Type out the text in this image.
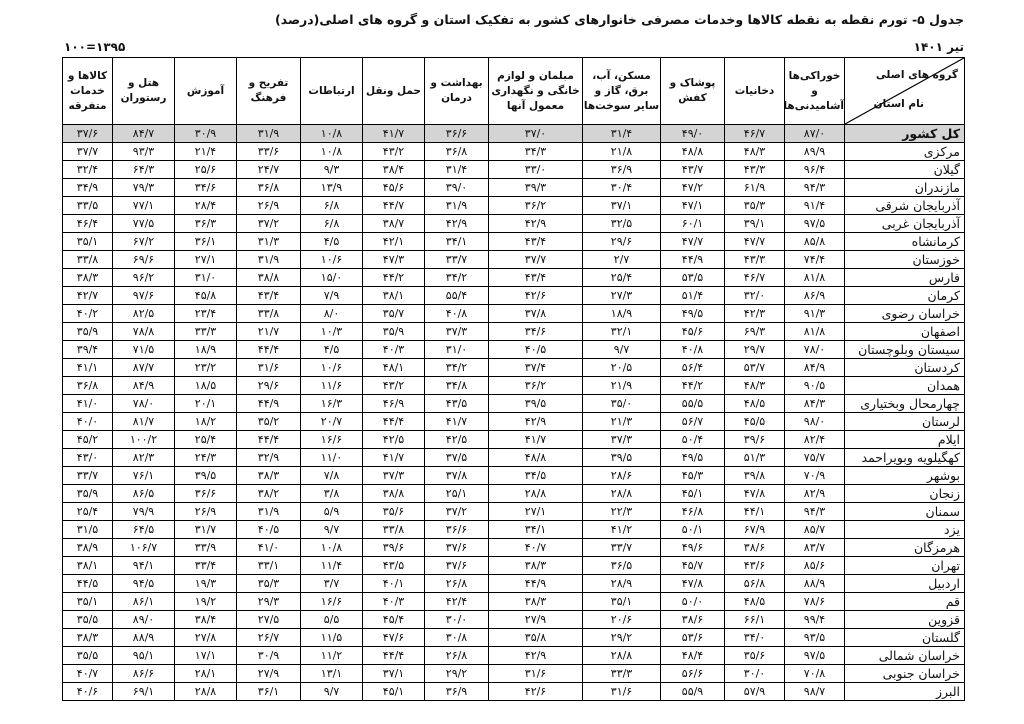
جدول ۵- تورم نقطه به نقطه کالاها وخدمات مصرفی خانوارهای کشور به تفکیک استان و گروه های اصلی(درصد)
۱۰۰=۱۳۹۵	تیر ۱۴۰۱
گروه های اصلی
نام استان	خوراکی‌ها و آشامیدنی‌ها	دخانیات	پوشاک و کفش	مسکن، آب، برق، گاز و سایر سوخت‌ها	مبلمان و لوازم خانگی و نگهداری معمول آنها	بهداشت و درمان	حمل ونقل	ارتباطات	تفریح و فرهنگ	آموزش	هتل و رستوران	کالاها و خدمات متفرقه
کل کشور	۸۷/۰	۴۶/۷	۴۹/۰	۳۱/۴	۳۷/۰	۳۶/۶	۴۱/۷	۱۰/۸	۳۱/۹	۳۰/۹	۸۴/۷	۳۷/۶
مرکزی	۸۹/۹	۴۸/۳	۴۸/۸	۲۱/۸	۳۴/۳	۳۶/۸	۴۳/۲	۱۰/۸	۳۳/۶	۲۱/۴	۹۳/۳	۳۷/۷
گیلان	۹۶/۴	۴۳/۳	۴۳/۷	۳۶/۹	۳۳/۰	۳۱/۴	۳۸/۴	۹/۳	۲۴/۷	۲۵/۶	۶۴/۳	۳۲/۴
مازندران	۹۴/۳	۶۱/۹	۴۷/۲	۳۰/۴	۳۹/۳	۳۹/۰	۴۵/۶	۱۳/۹	۳۶/۸	۳۴/۶	۷۹/۳	۳۴/۹
آذربایجان شرقی	۹۱/۴	۳۵/۳	۴۷/۱	۳۷/۱	۳۶/۲	۳۱/۹	۴۴/۷	۶/۸	۲۶/۹	۲۸/۴	۷۷/۱	۳۳/۵
آذربایجان غربی	۹۷/۵	۳۹/۱	۶۰/۱	۳۲/۵	۴۲/۹	۴۲/۹	۳۸/۷	۶/۸	۳۷/۲	۳۶/۳	۷۷/۵	۴۶/۴
کرمانشاه	۸۵/۸	۴۷/۷	۴۷/۷	۲۹/۶	۴۳/۴	۳۴/۱	۴۲/۱	۴/۵	۳۱/۳	۳۶/۱	۶۷/۲	۳۵/۱
خوزستان	۷۴/۴	۴۳/۳	۴۴/۹	۲/۷	۳۷/۷	۳۳/۷	۴۷/۳	۱۰/۶	۳۱/۹	۲۷/۱	۶۹/۶	۳۳/۸
فارس	۸۱/۸	۴۶/۷	۵۳/۵	۲۵/۴	۴۳/۴	۳۴/۲	۴۴/۲	۱۵/۰	۳۸/۸	۳۱/۰	۹۶/۲	۳۸/۳
کرمان	۸۶/۹	۳۲/۰	۵۱/۴	۲۷/۳	۴۲/۶	۵۵/۴	۳۸/۱	۷/۹	۴۳/۴	۴۵/۸	۹۷/۶	۴۲/۷
خراسان رضوی	۹۱/۳	۴۲/۳	۴۹/۵	۱۸/۹	۳۷/۸	۴۰/۸	۳۵/۷	۸/۰	۳۳/۸	۲۳/۴	۸۲/۵	۴۰/۲
اصفهان	۸۱/۸	۶۹/۳	۴۵/۶	۳۲/۱	۳۴/۶	۳۷/۳	۳۵/۹	۱۰/۳	۲۱/۷	۳۳/۳	۷۸/۸	۳۵/۹
سیستان وبلوچستان	۷۸/۰	۲۹/۷	۴۰/۸	۹/۷	۴۰/۵	۳۱/۰	۴۰/۳	۴/۵	۴۴/۴	۱۸/۹	۷۱/۵	۳۹/۴
کردستان	۸۴/۹	۵۳/۷	۵۶/۴	۲۰/۵	۳۷/۴	۳۴/۲	۴۸/۱	۱۰/۶	۳۱/۶	۲۳/۲	۸۷/۷	۴۱/۱
همدان	۹۰/۵	۴۸/۳	۴۴/۲	۲۱/۹	۳۶/۲	۳۴/۸	۴۳/۲	۱۱/۶	۲۹/۶	۱۸/۵	۸۴/۹	۳۶/۸
چهارمحال وبختیاری	۸۴/۳	۴۸/۵	۵۵/۵	۳۵/۰	۳۹/۵	۴۳/۵	۴۶/۹	۱۶/۳	۴۴/۹	۲۰/۱	۷۸/۰	۴۱/۰
لرستان	۹۸/۰	۴۵/۵	۵۶/۷	۲۱/۳	۴۲/۹	۴۱/۷	۴۴/۴	۲۰/۷	۳۵/۲	۱۸/۲	۸۱/۷	۴۰/۰
ایلام	۸۲/۴	۳۹/۶	۵۰/۴	۳۷/۳	۴۱/۷	۴۲/۵	۴۲/۵	۱۶/۶	۴۴/۴	۲۵/۴	۱۰۰/۲	۴۵/۲
کهگیلویه وبویراحمد	۷۵/۷	۵۱/۳	۴۹/۵	۳۹/۵	۴۸/۸	۳۷/۵	۴۱/۷	۱۱/۰	۳۲/۹	۲۴/۳	۸۲/۳	۴۳/۰
بوشهر	۷۰/۹	۳۹/۸	۴۵/۳	۲۸/۶	۳۴/۵	۳۷/۸	۳۷/۳	۷/۸	۳۸/۳	۳۹/۵	۷۶/۱	۳۳/۷
زنجان	۸۲/۹	۴۷/۸	۴۵/۱	۲۸/۸	۲۸/۸	۲۵/۱	۳۸/۸	۳/۸	۳۸/۲	۳۶/۶	۸۶/۵	۳۵/۹
سمنان	۹۴/۳	۴۴/۱	۴۶/۸	۲۲/۳	۲۷/۱	۳۷/۲	۳۵/۶	۵/۹	۳۱/۹	۲۶/۹	۷۹/۹	۲۵/۴
یزد	۸۵/۷	۶۷/۹	۵۰/۱	۴۱/۲	۳۴/۱	۳۶/۶	۳۳/۸	۹/۷	۴۰/۵	۳۱/۷	۶۴/۵	۳۱/۵
هرمزگان	۸۳/۷	۳۸/۶	۴۹/۶	۳۳/۷	۴۰/۷	۳۷/۶	۳۹/۶	۱۰/۸	۴۱/۰	۳۳/۹	۱۰۶/۷	۳۸/۹
تهران	۸۵/۶	۴۳/۶	۴۵/۷	۳۶/۵	۳۸/۳	۳۷/۶	۴۳/۵	۱۱/۴	۳۳/۱	۳۳/۴	۹۴/۱	۳۸/۱
اردبیل	۸۸/۹	۵۶/۸	۴۷/۸	۲۸/۹	۴۴/۹	۲۶/۸	۴۰/۱	۳/۷	۳۵/۳	۱۹/۳	۹۴/۵	۴۴/۵
قم	۷۸/۶	۴۸/۵	۵۰/۰	۳۵/۱	۳۸/۳	۴۲/۴	۴۰/۳	۱۶/۶	۲۹/۳	۱۹/۲	۸۶/۱	۳۵/۱
قزوین	۹۹/۴	۶۶/۱	۳۸/۶	۲۰/۶	۲۷/۹	۳۰/۰	۴۵/۴	۵/۵	۲۷/۵	۳۸/۴	۸۹/۰	۳۵/۵
گلستان	۹۳/۵	۳۴/۰	۵۳/۶	۲۹/۲	۳۵/۸	۳۰/۸	۴۷/۶	۱۱/۵	۲۶/۷	۲۷/۸	۸۸/۹	۳۸/۳
خراسان شمالی	۹۷/۵	۳۵/۶	۴۸/۴	۲۸/۸	۴۲/۹	۲۶/۸	۴۴/۴	۱۱/۲	۳۰/۹	۱۷/۱	۹۵/۱	۳۵/۵
خراسان جنوبی	۷۰/۸	۳۰/۰	۵۶/۶	۳۳/۳	۳۱/۶	۲۹/۲	۳۷/۱	۱۳/۱	۲۷/۹	۲۸/۱	۸۶/۶	۴۰/۷
البرز	۹۸/۷	۵۷/۹	۵۵/۹	۳۱/۶	۴۲/۶	۳۶/۹	۴۵/۱	۹/۷	۳۶/۱	۲۸/۸	۶۹/۱	۴۰/۶
